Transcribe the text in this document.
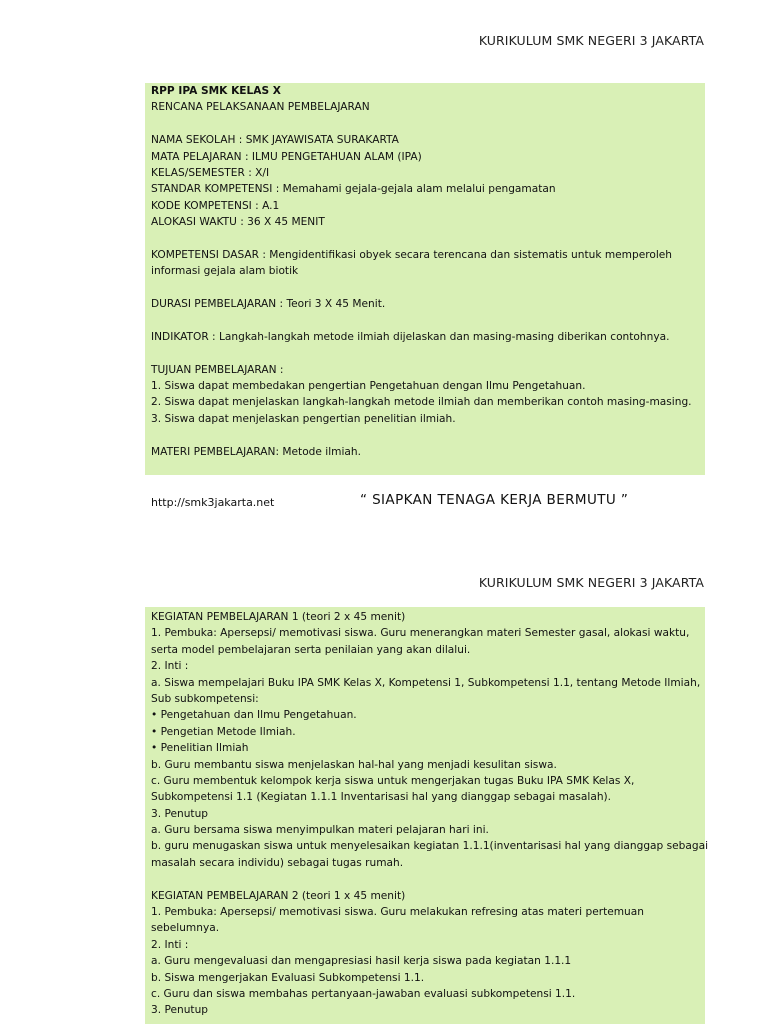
KURIKULUM SMK NEGERI 3 JAKARTA
RPP IPA SMK KELAS X
RENCANA PELAKSANAAN PEMBELAJARAN
NAMA SEKOLAH : SMK JAYAWISATA SURAKARTA
MATA PELAJARAN : ILMU PENGETAHUAN ALAM (IPA)
KELAS/SEMESTER : X/I
STANDAR KOMPETENSI : Memahami gejala-gejala alam melalui pengamatan
KODE KOMPETENSI : A.1
ALOKASI WAKTU : 36 X 45 MENIT
KOMPETENSI DASAR : Mengidentifikasi obyek secara terencana dan sistematis untuk memperoleh
informasi gejala alam biotik
DURASI PEMBELAJARAN : Teori 3 X 45 Menit.
INDIKATOR : Langkah-langkah metode ilmiah dijelaskan dan masing-masing diberikan contohnya.
TUJUAN PEMBELAJARAN :
1. Siswa dapat membedakan pengertian Pengetahuan dengan Ilmu Pengetahuan.
2. Siswa dapat menjelaskan langkah-langkah metode ilmiah dan memberikan contoh masing-masing.
3. Siswa dapat menjelaskan pengertian penelitian ilmiah.
MATERI PEMBELAJARAN: Metode ilmiah.
http://smk3jakarta.net	“ SIAPKAN TENAGA KERJA BERMUTU ”
KURIKULUM SMK NEGERI 3 JAKARTA
KEGIATAN PEMBELAJARAN 1 (teori 2 x 45 menit)
1. Pembuka: Apersepsi/ memotivasi siswa. Guru menerangkan materi Semester gasal, alokasi waktu,
serta model pembelajaran serta penilaian yang akan dilalui.
2. Inti :
a. Siswa mempelajari Buku IPA SMK Kelas X, Kompetensi 1, Subkompetensi 1.1, tentang Metode Ilmiah,
Sub subkompetensi:
• Pengetahuan dan Ilmu Pengetahuan.
• Pengetian Metode Ilmiah.
• Penelitian Ilmiah
b. Guru membantu siswa menjelaskan hal-hal yang menjadi kesulitan siswa.
c. Guru membentuk kelompok kerja siswa untuk mengerjakan tugas Buku IPA SMK Kelas X,
Subkompetensi 1.1 (Kegiatan 1.1.1 Inventarisasi hal yang dianggap sebagai masalah).
3. Penutup
a. Guru bersama siswa menyimpulkan materi pelajaran hari ini.
b. guru menugaskan siswa untuk menyelesaikan kegiatan 1.1.1(inventarisasi hal yang dianggap sebagai
masalah secara individu) sebagai tugas rumah.
KEGIATAN PEMBELAJARAN 2 (teori 1 x 45 menit)
1. Pembuka: Apersepsi/ memotivasi siswa. Guru melakukan refresing atas materi pertemuan
sebelumnya.
2. Inti :
a. Guru mengevaluasi dan mengapresiasi hasil kerja siswa pada kegiatan 1.1.1
b. Siswa mengerjakan Evaluasi Subkompetensi 1.1.
c. Guru dan siswa membahas pertanyaan-jawaban evaluasi subkompetensi 1.1.
3. Penutup
